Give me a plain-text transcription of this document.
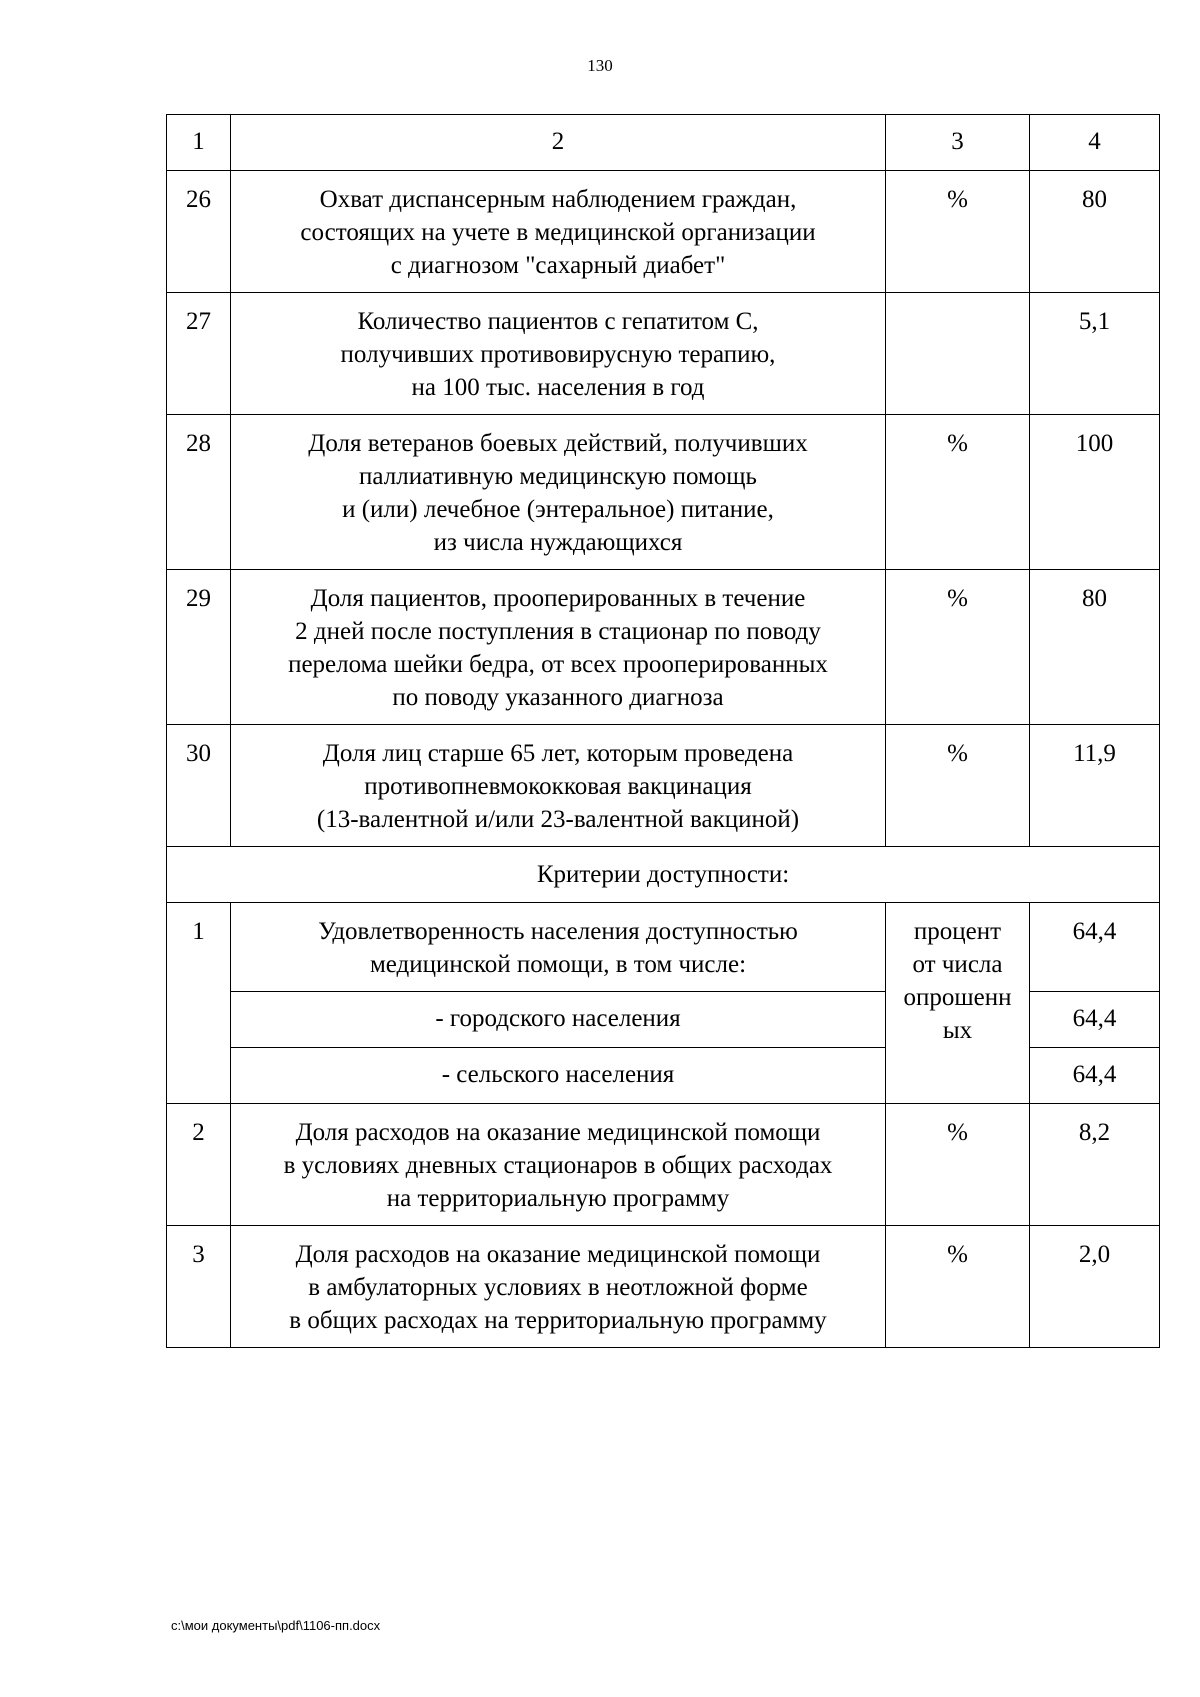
130
1	2	3	4
26	Охват диспансерным наблюдением граждан,
состоящих на учете в медицинской организации
с диагнозом "сахарный диабет"	%	80
27	Количество пациентов с гепатитом С,
получивших противовирусную терапию,
на 100 тыс. населения в год		5,1
28	Доля ветеранов боевых действий, получивших
паллиативную медицинскую помощь
и (или) лечебное (энтеральное) питание,
из числа нуждающихся	%	100
29	Доля пациентов, прооперированных в течение
2 дней после поступления в стационар по поводу
перелома шейки бедра, от всех прооперированных
по поводу указанного диагноза	%	80
30	Доля лиц старше 65 лет, которым проведена
противопневмококковая вакцинация
(13-валентной и/или 23-валентной вакциной)	%	11,9
Критерии доступности:			
1	Удовлетворенность населения доступностью
медицинской помощи, в том числе:	процент
от числа
опрошенн
ых	64,4
	- городского населения		64,4
	- сельского населения		64,4
2	Доля расходов на оказание медицинской помощи
в условиях дневных стационаров в общих расходах
на территориальную программу	%	8,2
3	Доля расходов на оказание медицинской помощи
в амбулаторных условиях в неотложной форме
в общих расходах на территориальную программу	%	2,0
c:\мои документы\pdf\1106-пп.docx
